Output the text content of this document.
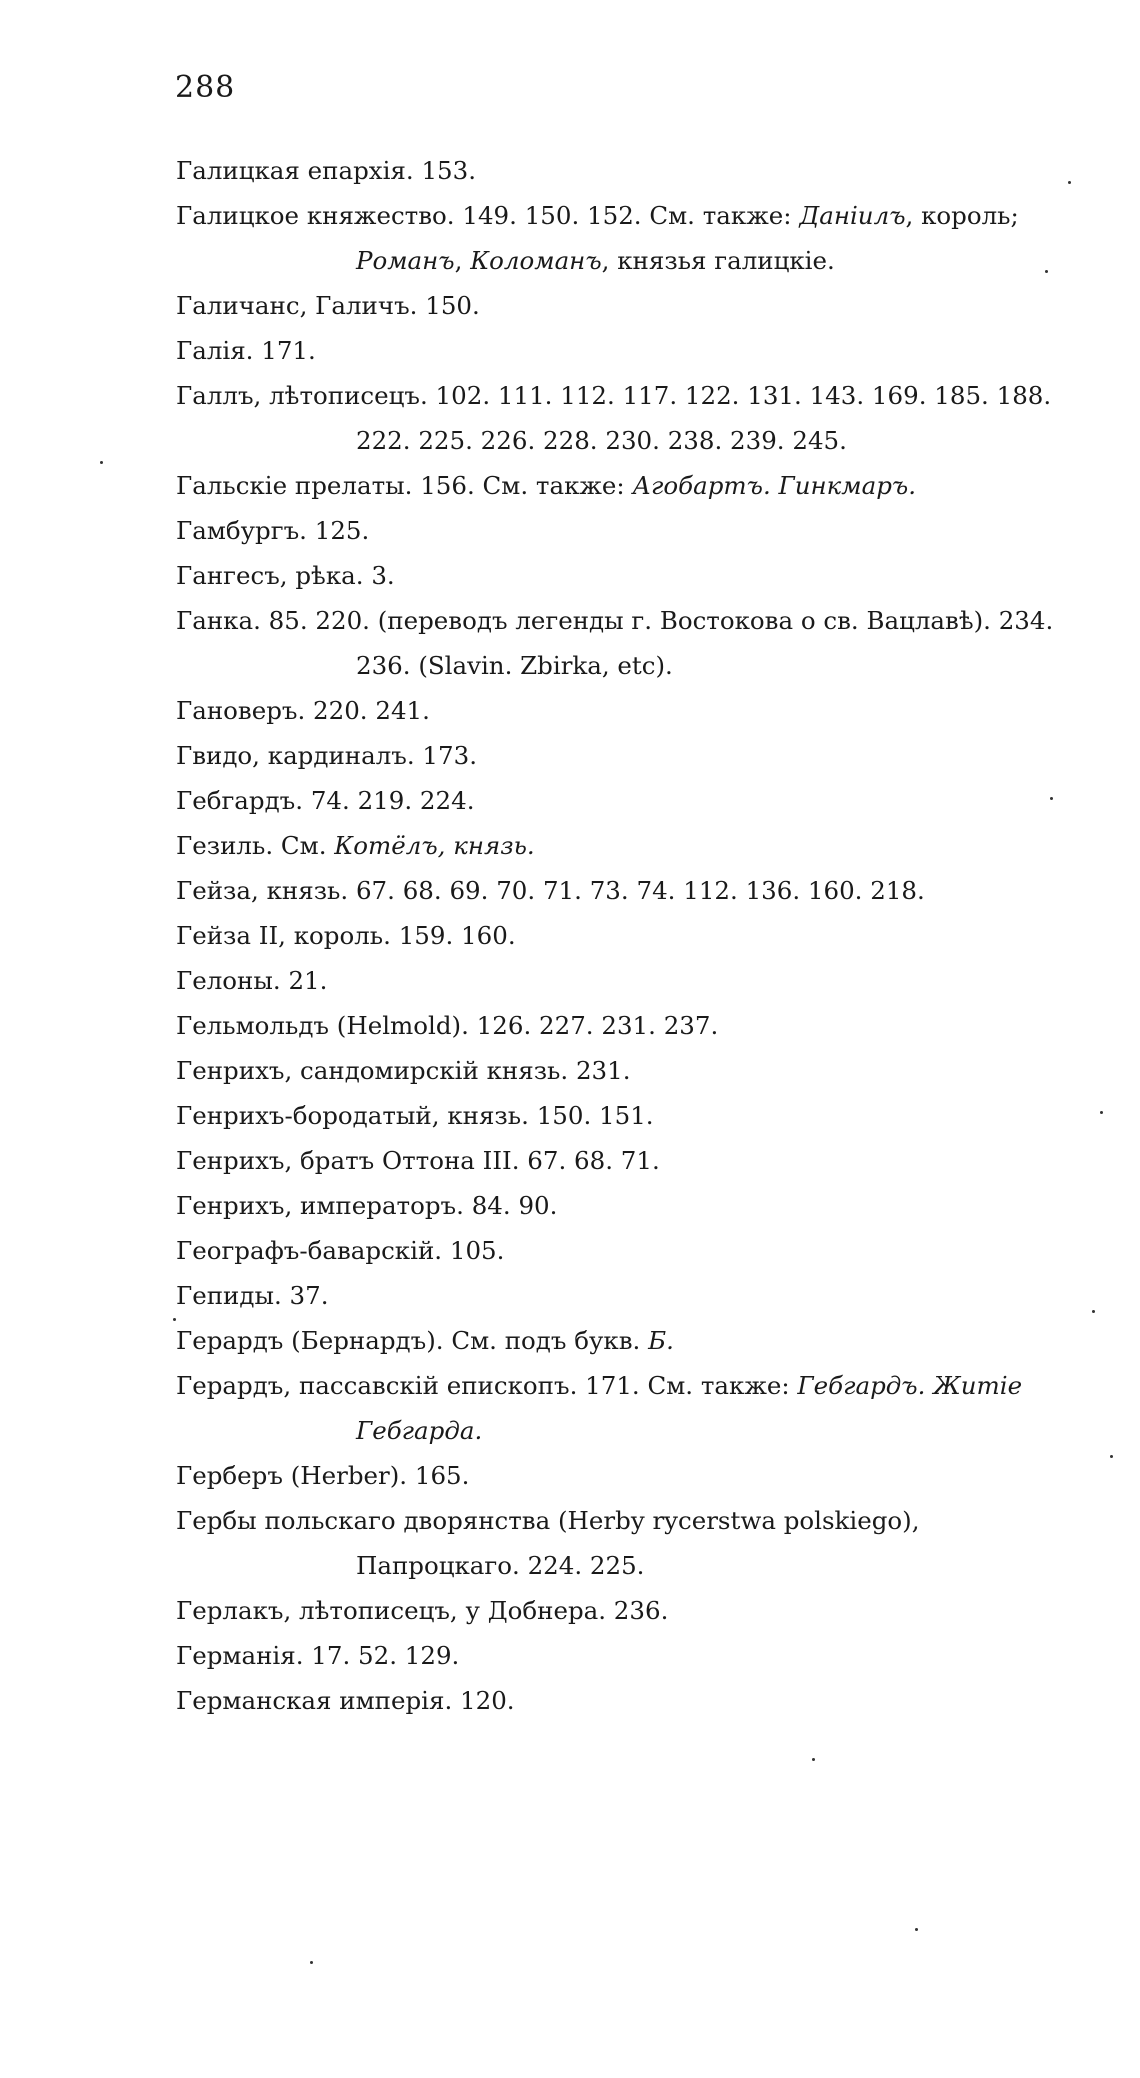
288

Галицкая епархія. 153.

Галицкое княжество. 149. 150. 152. См. также: Даніилъ, король; Романъ, Коломанъ, князья галицкіе.

Галичанс, Галичъ. 150.

Галія. 171.

Галлъ, лѣтописецъ. 102. 111. 112. 117. 122. 131. 143. 169. 185. 188. 222. 225. 226. 228. 230. 238. 239. 245.

Гальскіе прелаты. 156. См. также: Агобартъ. Гинкмаръ.

Гамбургъ. 125.

Гангесъ, рѣка. 3.

Ганка. 85. 220. (переводъ легенды г. Востокова о св. Вацлавѣ). 234. 236. (Slavin. Zbirka, etc).

Гановеръ. 220. 241.

Гвидо, кардиналъ. 173.

Гебгардъ. 74. 219. 224.

Гезиль. См. Котёлъ, князь.

Гейза, князь. 67. 68. 69. 70. 71. 73. 74. 112. 136. 160. 218.

Гейза II, король. 159. 160.

Гелоны. 21.

Гельмольдъ (Helmold). 126. 227. 231. 237.

Генрихъ, сандомирскій князь. 231.

Генрихъ-бородатый, князь. 150. 151.

Генрихъ, братъ Оттона III. 67. 68. 71.

Генрихъ, императоръ. 84. 90.

Географъ-баварскій. 105.

Гепиды. 37.

Герардъ (Бернардъ). См. подъ букв. Б.

Герардъ, пассавскій епископъ. 171. См. также: Гебгардъ. Житіе Гебгарда.

Герберъ (Herber). 165.

Гербы польскаго дворянства (Herby rycerstwa polskiego), Папроцкаго. 224. 225.

Герлакъ, лѣтописецъ, у Добнера. 236.

Германія. 17. 52. 129.

Германская имперія. 120.
